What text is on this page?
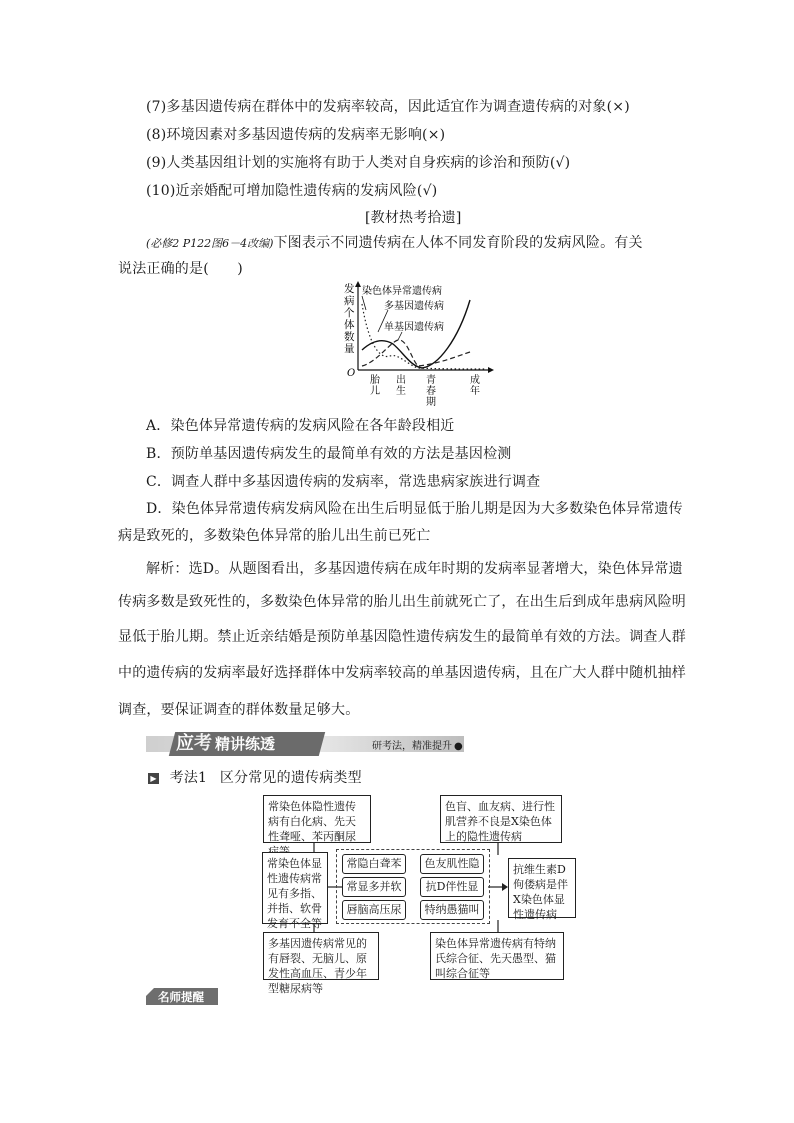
(7)多基因遗传病在群体中的发病率较高，因此适宜作为调查遗传病的对象(×)
(8)环境因素对多基因遗传病的发病率无影响(×)
(9)人类基因组计划的实施将有助于人类对自身疾病的诊治和预防(√)
(10)近亲婚配可增加隐性遗传病的发病风险(√)
[教材热考拾遗]
(必修2 P122图6－4改编)下图表示不同遗传病在人体不同发育阶段的发病风险。有关
说法正确的是(　　)
发病个体数量
O
染色体异常遗传病
多基因遗传病
单基因遗传病
胎儿
出生
青春期
成年
A．染色体异常遗传病的发病风险在各年龄段相近
B．预防单基因遗传病发生的最简单有效的方法是基因检测
C．调查人群中多基因遗传病的发病率，常选患病家族进行调查
D．染色体异常遗传病发病风险在出生后明显低于胎儿期是因为大多数染色体异常遗传
病是致死的，多数染色体异常的胎儿出生前已死亡
解析：选D。从题图看出，多基因遗传病在成年时期的发病率显著增大，染色体异常遗
传病多数是致死性的，多数染色体异常的胎儿出生前就死亡了，在出生后到成年患病风险明
显低于胎儿期。禁止近亲结婚是预防单基因隐性遗传病发生的最简单有效的方法。调查人群
中的遗传病的发病率最好选择群体中发病率较高的单基因遗传病，且在广大人群中随机抽样
调查，要保证调查的群体数量足够大。
应考 精讲练透	研考法，精准提升 ●
▶ 考法1 区分常见的遗传病类型
常染色体隐性遗传病有白化病、先天性聋哑、苯丙酮尿
色盲、血友病、进行性肌营养不良是X染色体上的隐性遗传病
常染色体显性遗传病常见有多指、并指、软骨发育不全等
抗维生素D佝偻病是伴X染色体显性遗传病
多基因遗传病常见的有唇裂、无脑儿、原发性高血压、青少年型糖尿病等
染色体异常遗传病有特纳氏综合征、先天愚型、猫叫综合征等
常隐白聋苯	色友肌性隐
常显多并软	抗D伴性显
唇脑高压尿	特纳愚猫叫
名师提醒
